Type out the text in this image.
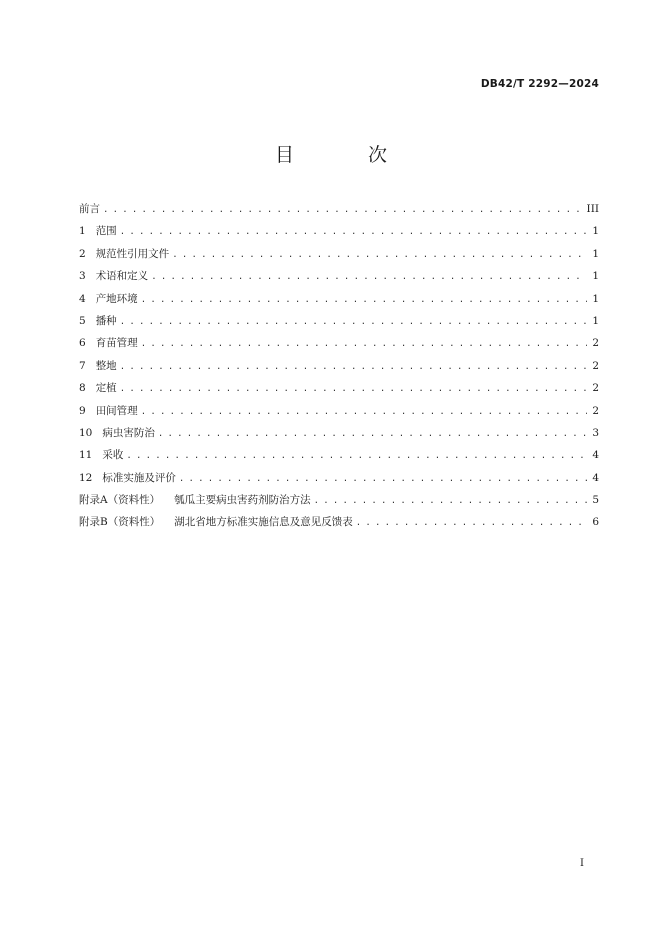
DB42/T 2292—2024
目 次
前言 . . .	III
1 范围 . . .	1
2 规范性引用文件 . . .	1
3 术语和定义 . . .	1
4 产地环境 . . .	1
5 播种 . . .	1
6 育苗管理 . . .	2
7 整地 . . .	2
8 定植 . . .	2
9 田间管理 . . .	2
10 病虫害防治 . . .	3
11 采收 . . .	4
12 标准实施及评价 . . .	4
附录A（资料性） 瓠瓜主要病虫害药剂防治方法 . . .	5
附录B（资料性） 湖北省地方标准实施信息及意见反馈表 . . .	6
I
